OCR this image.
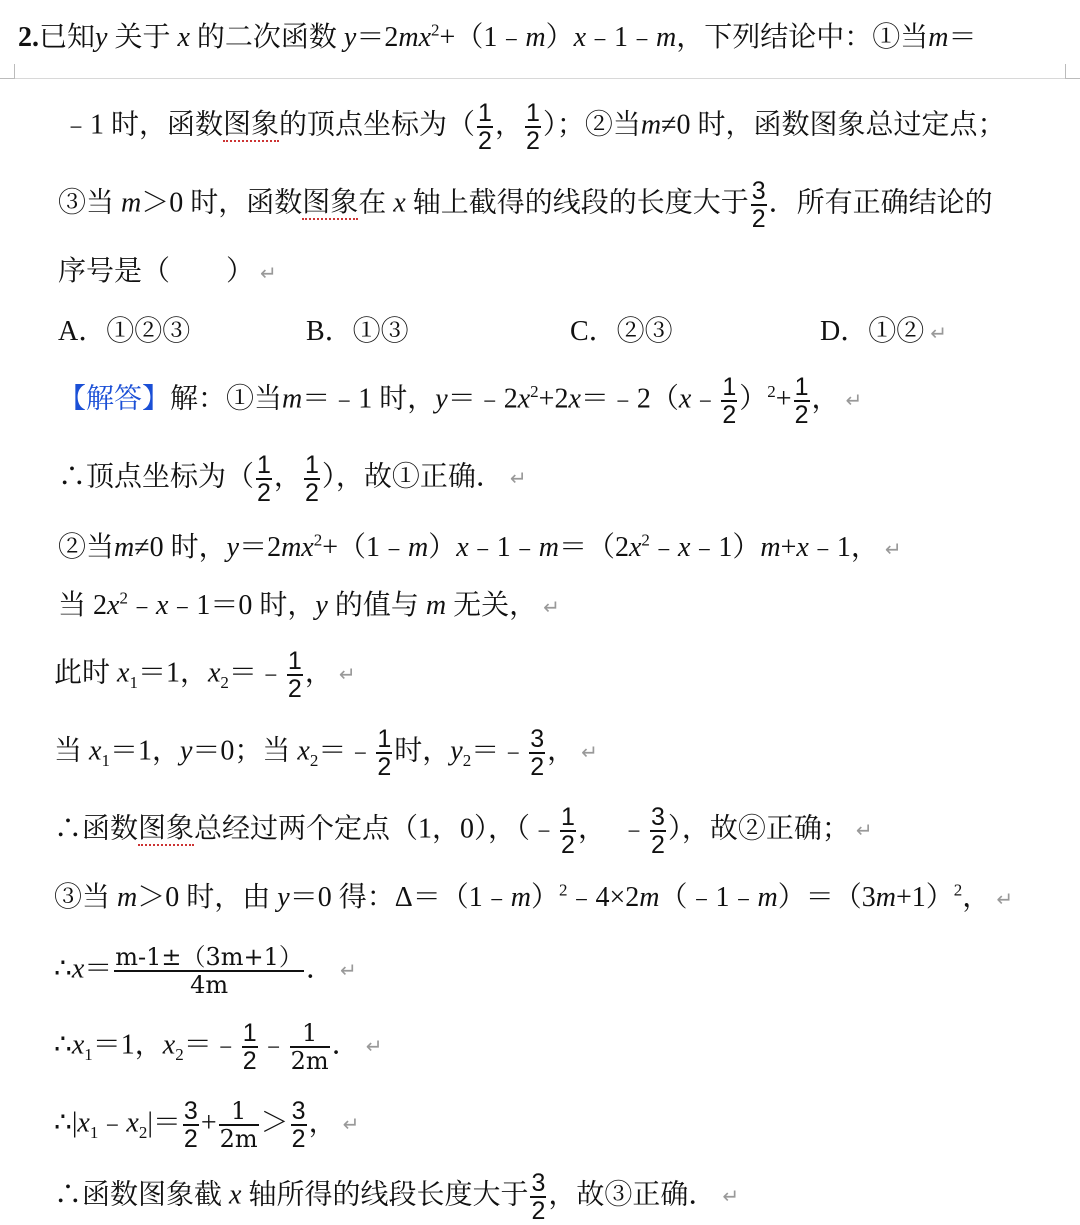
2.已知y 关于 x 的二次函数 $y=2mx^2+(1﹣m)x﹣1﹣m$，下列结论中：①当m＝
﹣1 时，函数图象的顶点坐标为（ $\frac{1}{2}$ ， $\frac{1}{2}$ ）；②当m≠0 时，函数图象总过定点；
③当 m＞0 时，函数图象在 x 轴上截得的线段的长度大于 $\frac{3}{2}$ ．所有正确结论的
序号是（　　） ↵
A．①②③	B．①③	C．②③	D．①② ↵
【解答】解：①当m＝﹣1 时，$y=﹣2x^2+2x=﹣2(x﹣ \frac{1}{2} )^2+ \frac{1}{2}$ ， ↵
∴顶点坐标为（ $\frac{1}{2}$ ， $\frac{1}{2}$ ），故①正确． ↵
②当m≠0 时，$y=2mx^2+(1﹣m)x﹣1﹣m=(2x^2﹣x﹣1)m+x﹣1$， ↵
当 $2x^2﹣x﹣1=0$ 时，y 的值与 m 无关， ↵
此时 $x_1=1$，$x_2=﹣ \frac{1}{2}$ ， ↵
当 $x_1=1$，y＝0；当 $x_2=﹣ \frac{1}{2}$ 时，$y_2=﹣ \frac{3}{2}$ ， ↵
∴函数图象总经过两个定点（1，0），（﹣ $\frac{1}{2}$ ，　﹣ $\frac{3}{2}$ ），故②正确； ↵
③当 m＞0 时，由 y＝0 得：$\Delta=(1﹣m)^2﹣4\times 2m(﹣1﹣m)=(3m+1)^2$， ↵
∴x＝ $\frac{m-1\pm(3m+1)}{4m}$ ． ↵
$\therefore x_1=1$，$x_2=﹣ \frac{1}{2}$ ﹣ $\frac{1}{2m}$ ． ↵
$\therefore|x_1﹣x_2|= \frac{3}{2} + \frac{1}{2m} > \frac{3}{2}$ ， ↵
∴函数图象截 x 轴所得的线段长度大于 $\frac{3}{2}$ ，故③正确． ↵
